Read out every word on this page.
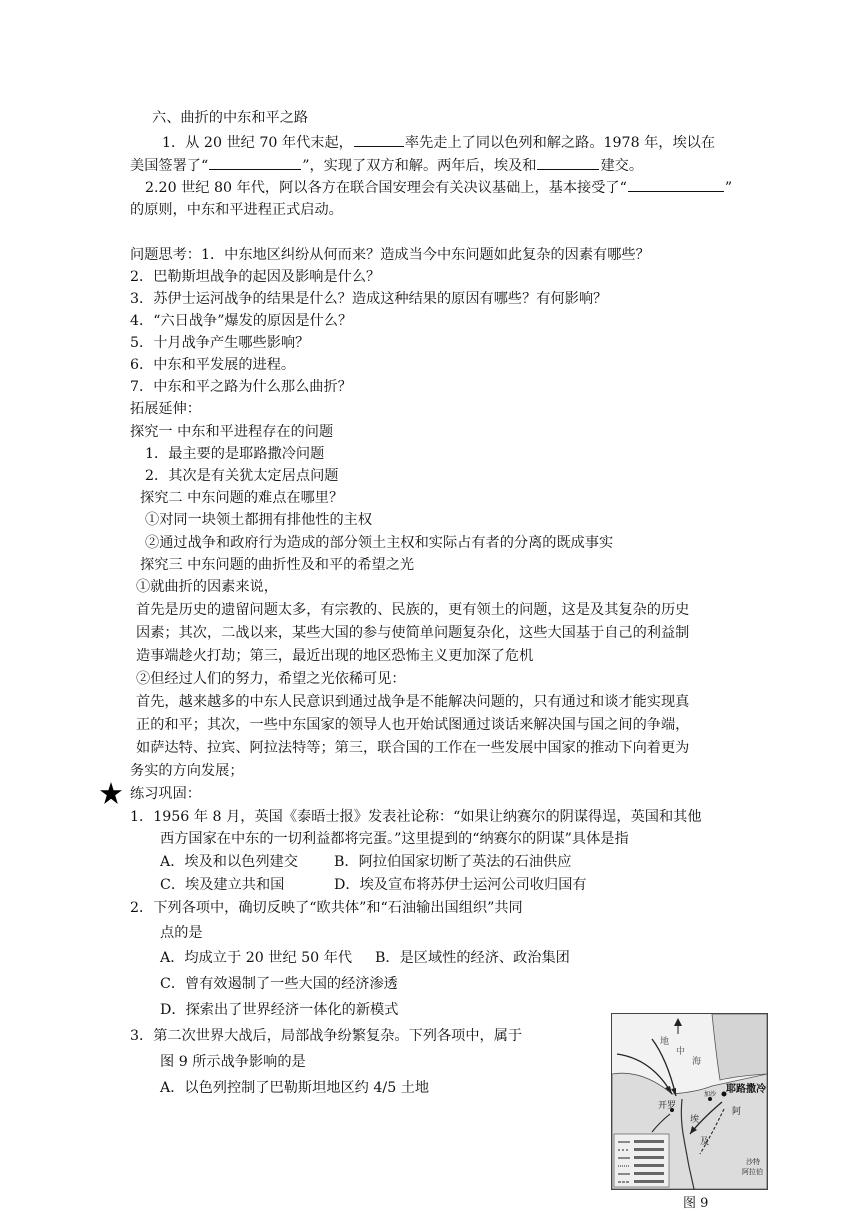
六、曲折的中东和平之路
1．从 20 世纪 70 年代末起，	率先走上了同以色列和解之路。1978 年，埃以在
美国签署了“	”，实现了双方和解。两年后，埃及和	建交。
2.20 世纪 80 年代，阿以各方在联合国安理会有关决议基础上，基本接受了“	”
的原则，中东和平进程正式启动。
问题思考：1．中东地区纠纷从何而来？造成当今中东问题如此复杂的因素有哪些？
2．巴勒斯坦战争的起因及影响是什么？
3．苏伊士运河战争的结果是什么？造成这种结果的原因有哪些？有何影响？
4．“六日战争”爆发的原因是什么？
5．十月战争产生哪些影响？
6．中东和平发展的进程。
7．中东和平之路为什么那么曲折？
拓展延伸：
探究一 中东和平进程存在的问题
1．最主要的是耶路撒冷问题
2．其次是有关犹太定居点问题
探究二 中东问题的难点在哪里？
①对同一块领土都拥有排他性的主权
②通过战争和政府行为造成的部分领土主权和实际占有者的分离的既成事实
探究三 中东问题的曲折性及和平的希望之光
①就曲折的因素来说，
首先是历史的遗留问题太多，有宗教的、民族的，更有领土的问题，这是及其复杂的历史
因素；其次，二战以来，某些大国的参与使简单问题复杂化，这些大国基于自己的利益制
造事端趁火打劫；第三，最近出现的地区恐怖主义更加深了危机
②但经过人们的努力，希望之光依稀可见：
首先，越来越多的中东人民意识到通过战争是不能解决问题的，只有通过和谈才能实现真
正的和平；其次，一些中东国家的领导人也开始试图通过谈话来解决国与国之间的争端，
如萨达特、拉宾、阿拉法特等；第三，联合国的工作在一些发展中国家的推动下向着更为
务实的方向发展；
练习巩固：
1．1956 年 8 月，英国《泰晤士报》发表社论称：“如果让纳赛尔的阴谋得逞，英国和其他
西方国家在中东的一切利益都将完蛋。”这里提到的“纳赛尔的阴谋”具体是指
A．埃及和以色列建交	B．阿拉伯国家切断了英法的石油供应
C．埃及建立共和国	D．埃及宣布将苏伊士运河公司收归国有
2．下列各项中，确切反映了“欧共体”和“石油输出国组织”共同
点的是
A．均成立于 20 世纪 50 年代 B．是区域性的经济、政治集团
C．曾有效遏制了一些大国的经济渗透
D．探索出了世界经济一体化的新模式
3．第二次世界大战后，局部战争纷繁复杂。下列各项中，属于
图 9 所示战争影响的是
A．以色列控制了巴勒斯坦地区约 4/5 土地
地
中
海
耶路撒冷
加沙
开罗
沙特
阿拉伯
埃
及
阿
图 9
